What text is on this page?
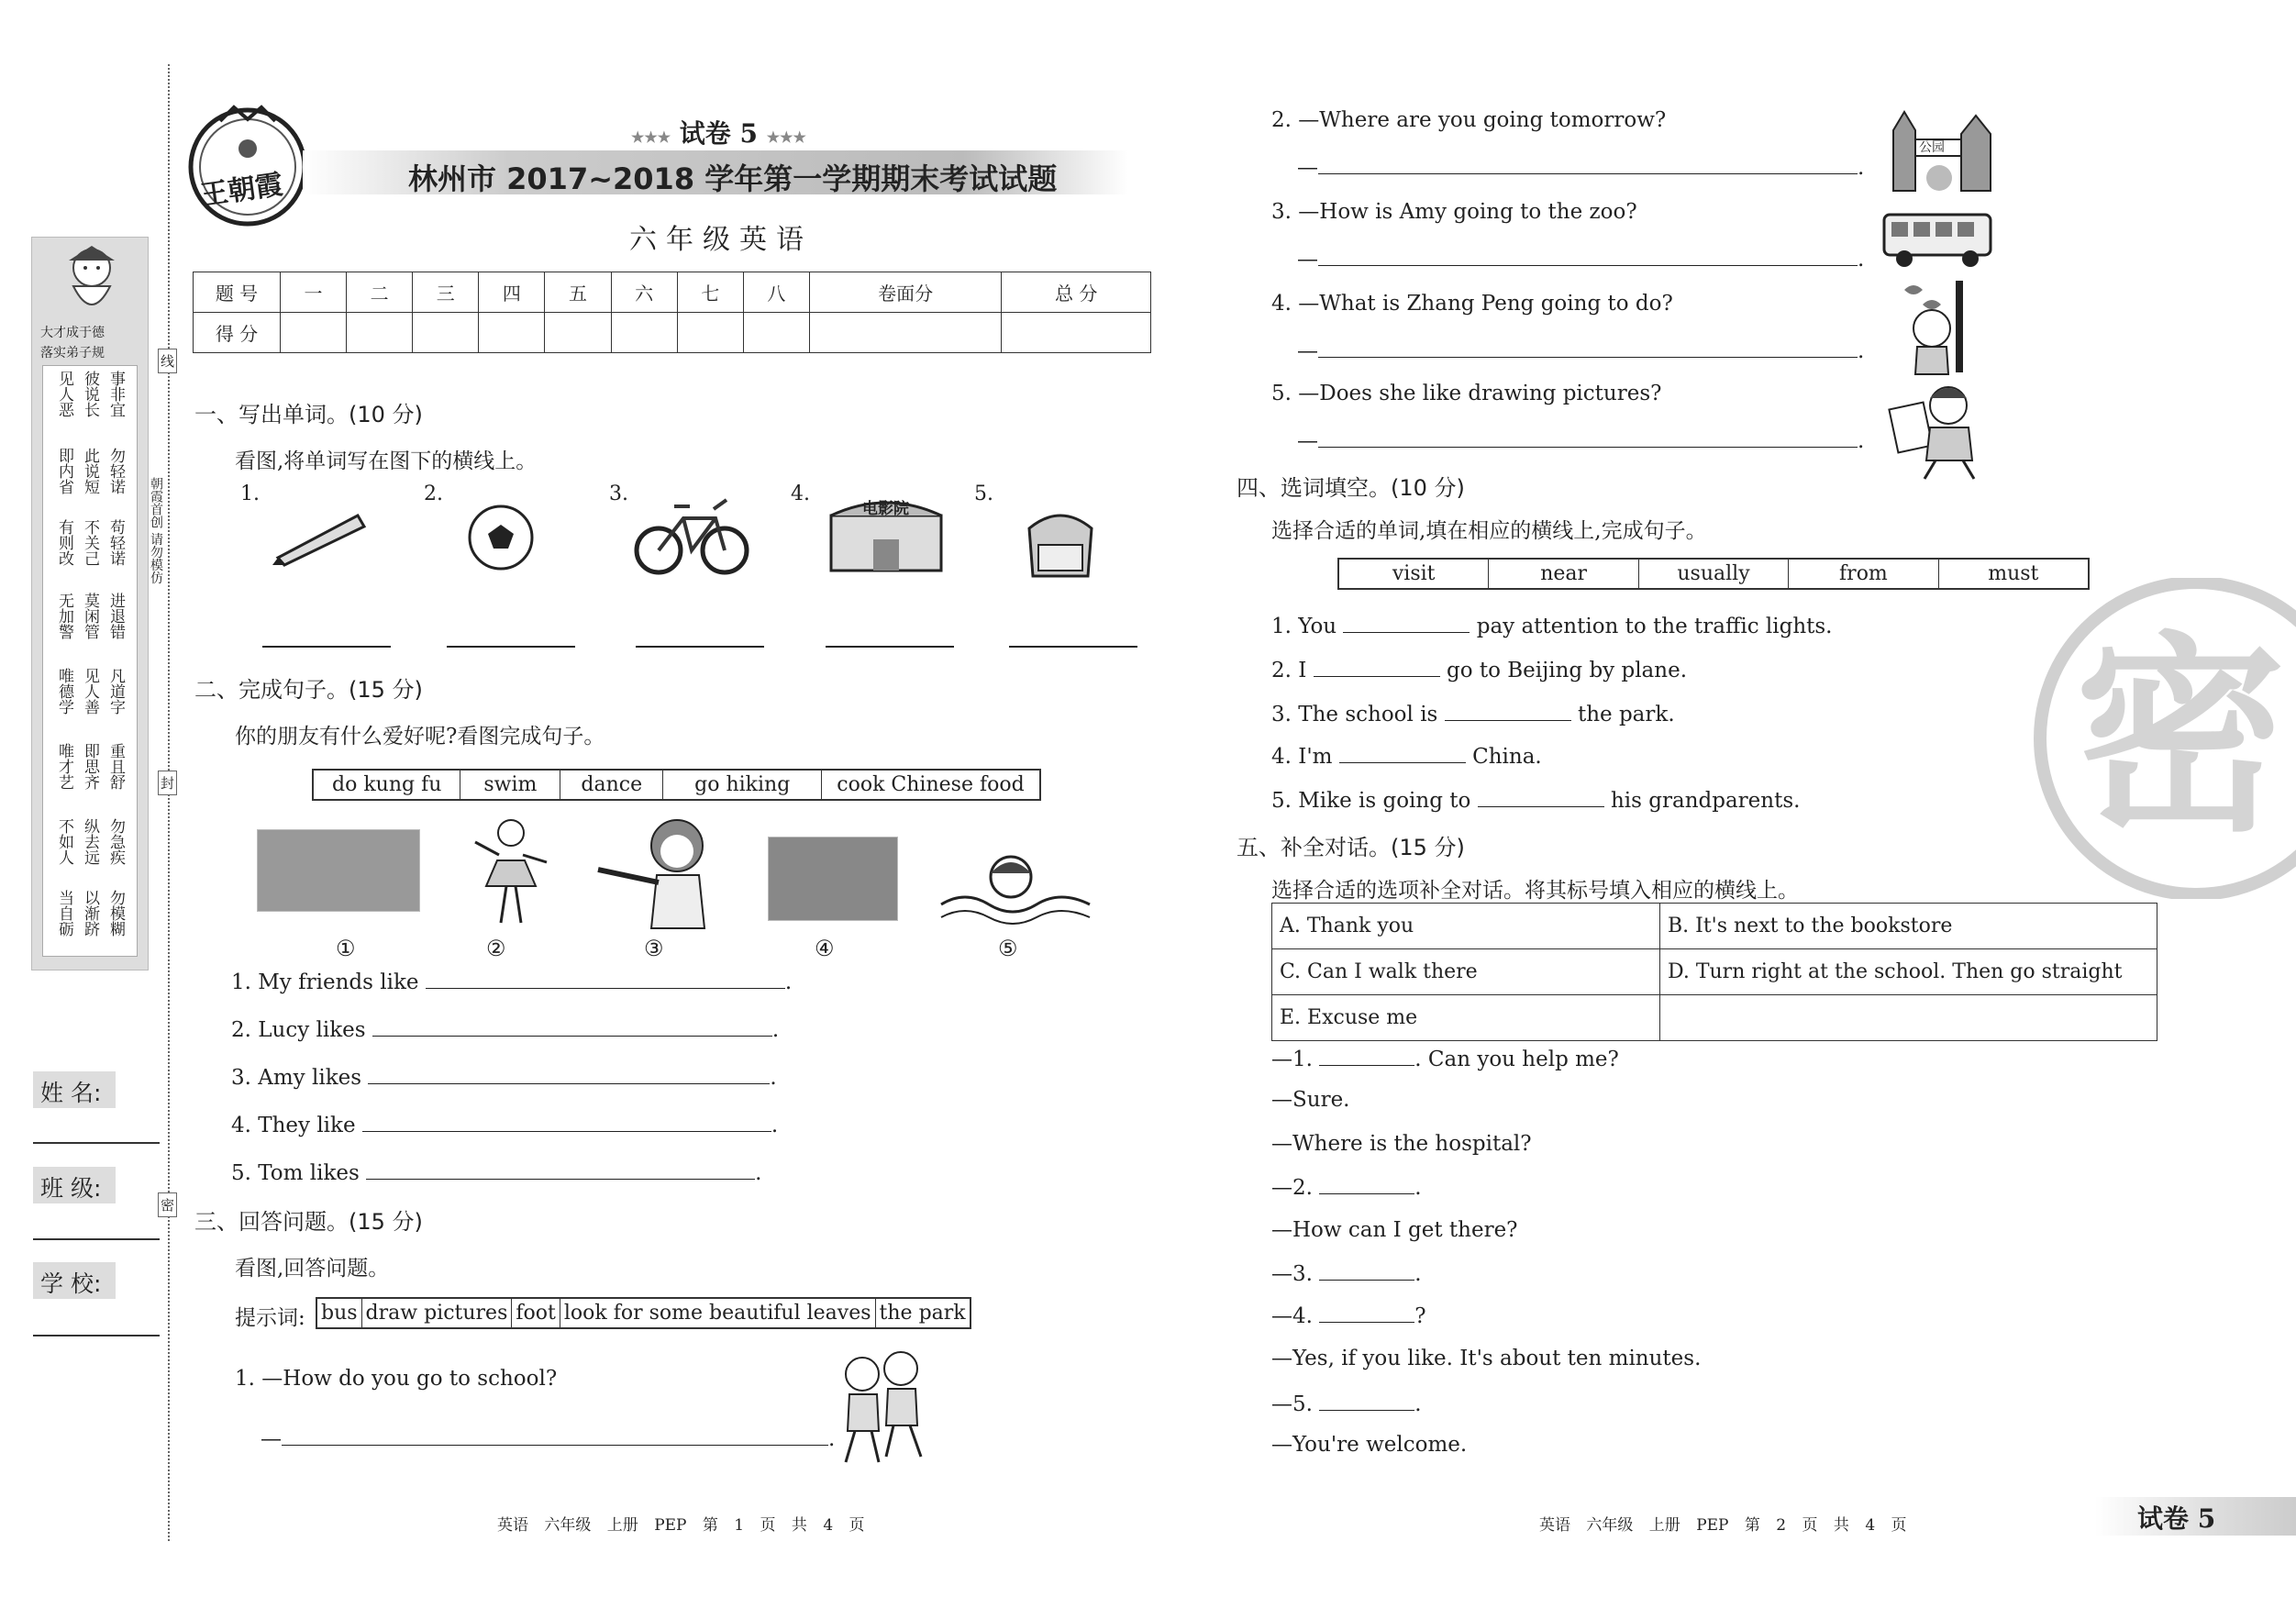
大才成于德
落实弟子规
见人恶 彼说长 事非宜
即内省 此说短 勿轻诺
有则改 不关己 苟轻诺
无加警 莫闲管 进退错
唯德学 见人善 凡道字
唯才艺 即思齐 重且舒
不如人 纵去远 勿急疾
当自砺 以渐跻 勿模糊
姓 名:
班 级:
学 校:
线
封
密
朝霞首创 请勿模仿
王朝霞
★★★ 试卷 5 ★★★
林州市 2017~2018 学年第一学期期末考试试题
六年级英语
题 号	一	二	三	四	五	六	七	八	卷面分	总 分
得 分										
一、写出单词。(10 分)
看图,将单词写在图下的横线上。
1.	2.	3.	4.	5.
电影院
二、完成句子。(15 分)
你的朋友有什么爱好呢?看图完成句子。
do kung fu	swim	dance	go hiking	cook Chinese food
①	②	③	④	⑤
1. My friends like	.
2. Lucy likes	.
3. Amy likes	.
4. They like	.
5. Tom likes	.
三、回答问题。(15 分)
看图,回答问题。
提示词: bus draw pictures foot look for some beautiful leaves the park
1. —How do you go to school?
—	.
2. —Where are you going tomorrow?
—	.
3. —How is Amy going to the zoo?
—	.
4. —What is Zhang Peng going to do?
—	.
5. —Does she like drawing pictures?
—	.
公园
四、选词填空。(10 分)
选择合适的单词,填在相应的横线上,完成句子。
visit	near	usually	from	must
1. You	pay attention to the traffic lights.
2. I	go to Beijing by plane.
3. The school is	the park.
4. I'm	China.
5. Mike is going to	his grandparents.
五、补全对话。(15 分)
选择合适的选项补全对话。将其标号填入相应的横线上。
A. Thank you	B. It's next to the bookstore
C. Can I walk there	D. Turn right at the school. Then go straight
E. Excuse me	
—1.	. Can you help me?
—Sure.
—Where is the hospital?
—2.	.
—How can I get there?
—3.	.
—4.	?
—Yes, if you like. It's about ten minutes.
—5.	.
—You're welcome.
密
英语 六年级 上册 PEP 第 1 页 共 4 页	英语 六年级 上册 PEP 第 2 页 共 4 页	试卷 5
